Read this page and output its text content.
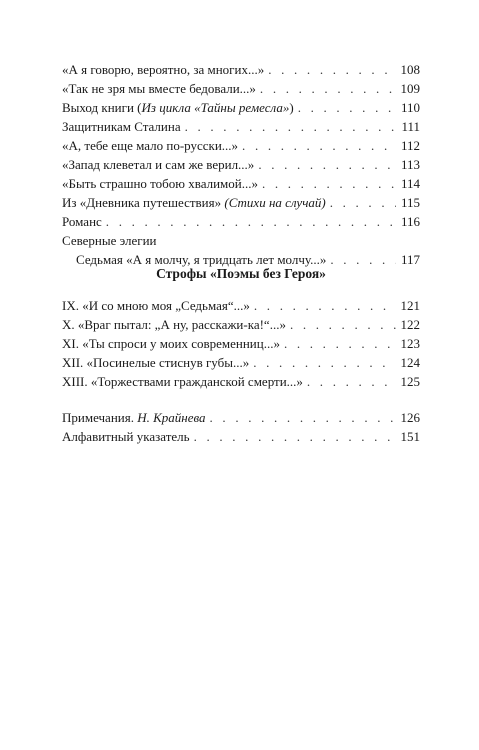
«А я говорю, вероятно, за многих...» . . .	108
«Так не зря мы вместе бедовали...» . . .	109
Выход книги (Из цикла «Тайны ремесла») . . .	110
Защитникам Сталина . . .	111
«А, тебе еще мало по-русски...» . . .	112
«Запад клеветал и сам же верил...» . . .	113
«Быть страшно тобою хвалимой...» . . .	114
Из «Дневника путешествия» (Стихи на случай) . . .	115
Романс . . .	116
Северные элегии
Седьмая «А я молчу, я тридцать лет молчу...» . . .	117
Строфы «Поэмы без Героя»
IX. «И со мною моя „Седьмая“...» . . .	121
X. «Враг пытал: „А ну, расскажи-ка!“...» . . .	122
XI. «Ты спроси у моих современниц...» . . .	123
XII. «Посинелые стиснув губы...» . . .	124
XIII. «Торжествами гражданской смерти...» . . .	125
Примечания. Н. Крайнева . . .	126
Алфавитный указатель . . .	151
